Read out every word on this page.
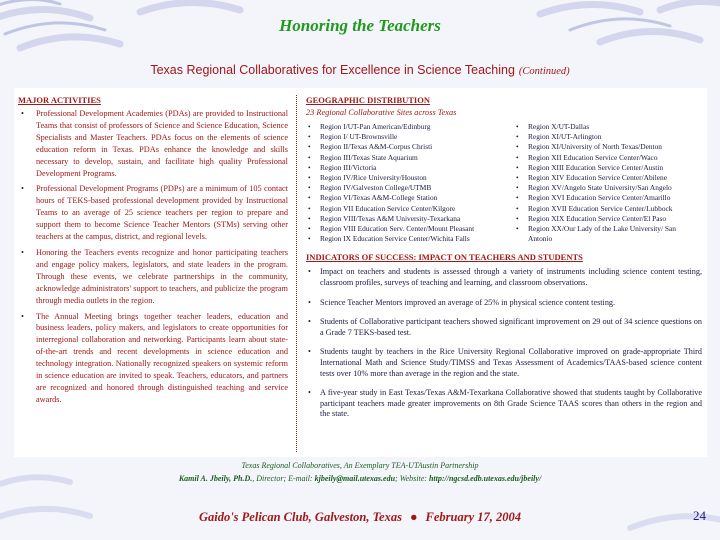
Honoring the Teachers
Texas Regional Collaboratives for Excellence in Science Teaching (Continued)
MAJOR ACTIVITIES
• Professional Development Academies (PDAs) are provided to Instructional Teams that consist of professors of Science and Science Education, Science Specialists and Master Teachers. PDAs focus on the elements of science education reform in Texas. PDAs enhance the knowledge and skills necessary to develop, sustain, and facilitate high quality Professional Development Programs.
• Professional Development Programs (PDPs) are a minimum of 105 contact hours of TEKS-based professional development provided by Instructional Teams to an average of 25 science teachers per region to prepare and support them to become Science Teacher Mentors (STMs) serving other teachers at the campus, district, and regional levels.
• Honoring the Teachers events recognize and honor participating teachers and engage policy makers, legislators, and state leaders in the program. Through these events, we celebrate partnerships in the community, acknowledge administrators' support to teachers, and publicize the program through media outlets in the region.
• The Annual Meeting brings together teacher leaders, education and business leaders, policy makers, and legislators to create opportunities for interregional collaboration and networking. Participants learn about state-of-the-art trends and recent developments in science education and technology integration. Nationally recognized speakers on systemic reform in science education are invited to speak. Teachers, educators, and partners are recognized and honored through distinguished teaching and service awards.
GEOGRAPHIC DISTRIBUTION
23 Regional Collaborative Sites across Texas
• Region I/UT-Pan American/Edinburg
• Region I/ UT-Brownsville
• Region II/Texas A&M-Corpus Christi
• Region III/Texas State Aquarium
• Region III/Victoria
• Region IV/Rice University/Houston
• Region IV/Galveston College/UTMB
• Region VI/Texas A&M-College Station
• Region VII Education Service Center/Kilgore
• Region VIII/Texas A&M University-Texarkana
• Region VIII Education Serv. Center/Mount Pleasant
• Region IX Education Service Center/Wichita Falls
• Region X/UT-Dallas
• Region XI/UT-Arlington
• Region XI/University of North Texas/Denton
• Region XII Education Service Center/Waco
• Region XIII Education Service Center/Austin
• Region XIV Education Service Center/Abilene
• Region XV/Angelo State University/San Angelo
• Region XVI Education Service Center/Amarillo
• Region XVII Education Service Center/Lubbock
• Region XIX Education Service Center/El Paso
• Region XX/Our Lady of the Lake University/ San Antonio
INDICATORS OF SUCCESS: IMPACT ON TEACHERS AND STUDENTS
• Impact on teachers and students is assessed through a variety of instruments including science content testing, classroom profiles, surveys of teaching and learning, and classroom observations.
• Science Teacher Mentors improved an average of 25% in physical science content testing.
• Students of Collaborative participant teachers showed significant improvement on 29 out of 34 science questions on a Grade 7 TEKS-based test.
• Students taught by teachers in the Rice University Regional Collaborative improved on grade-appropriate Third International Math and Science Study/TIMSS and Texas Assessment of Academics/TAAS-based science content tests over 10% more than average in the region and the state.
• A five-year study in East Texas/Texas A&M-Texarkana Collaborative showed that students taught by Collaborative participant teachers made greater improvements on 8th Grade Science TAAS scores than others in the region and the state.
Texas Regional Collaboratives, An Exemplary TEA-UTAustin Partnership
Kamil A. Jbeily, Ph.D., Director; E-mail: kjbeily@mail.utexas.edu; Website: http://ngcsd.edb.utexas.edu/jbeily/
Gaido's Pelican Club, Galveston, Texas ● February 17, 2004	24
